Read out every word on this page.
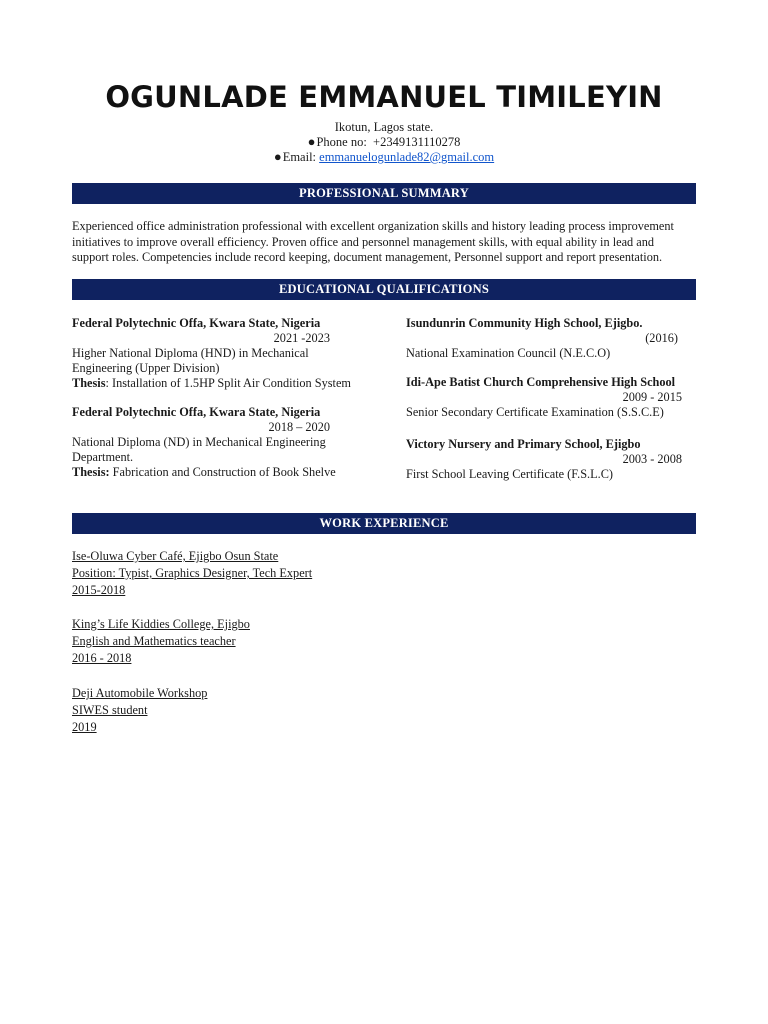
OGUNLADE EMMANUEL TIMILEYIN
Ikotun, Lagos state.
●Phone no: +2349131110278
●Email: emmanuelogunlade82@gmail.com
PROFESSIONAL SUMMARY
Experienced office administration professional with excellent organization skills and history leading process improvement
initiatives to improve overall efficiency. Proven office and personnel management skills, with equal ability in lead and
support roles. Competencies include record keeping, document management, Personnel support and report presentation.
EDUCATIONAL QUALIFICATIONS
Federal Polytechnic Offa, Kwara State, Nigeria
2021 -2023
Higher National Diploma (HND) in Mechanical
Engineering (Upper Division)
Thesis: Installation of 1.5HP Split Air Condition System
Federal Polytechnic Offa, Kwara State, Nigeria
2018 – 2020
National Diploma (ND) in Mechanical Engineering
Department.
Thesis: Fabrication and Construction of Book Shelve
Isundunrin Community High School, Ejigbo.
(2016)
National Examination Council (N.E.C.O)
Idi-Ape Batist Church Comprehensive High School
2009 - 2015
Senior Secondary Certificate Examination (S.S.C.E)
Victory Nursery and Primary School, Ejigbo
2003 - 2008
First School Leaving Certificate (F.S.L.C)
WORK EXPERIENCE
Ise-Oluwa Cyber Café, Ejigbo Osun State
Position: Typist, Graphics Designer, Tech Expert
2015-2018
King’s Life Kiddies College, Ejigbo
English and Mathematics teacher
2016 - 2018
Deji Automobile Workshop
SIWES student
2019
